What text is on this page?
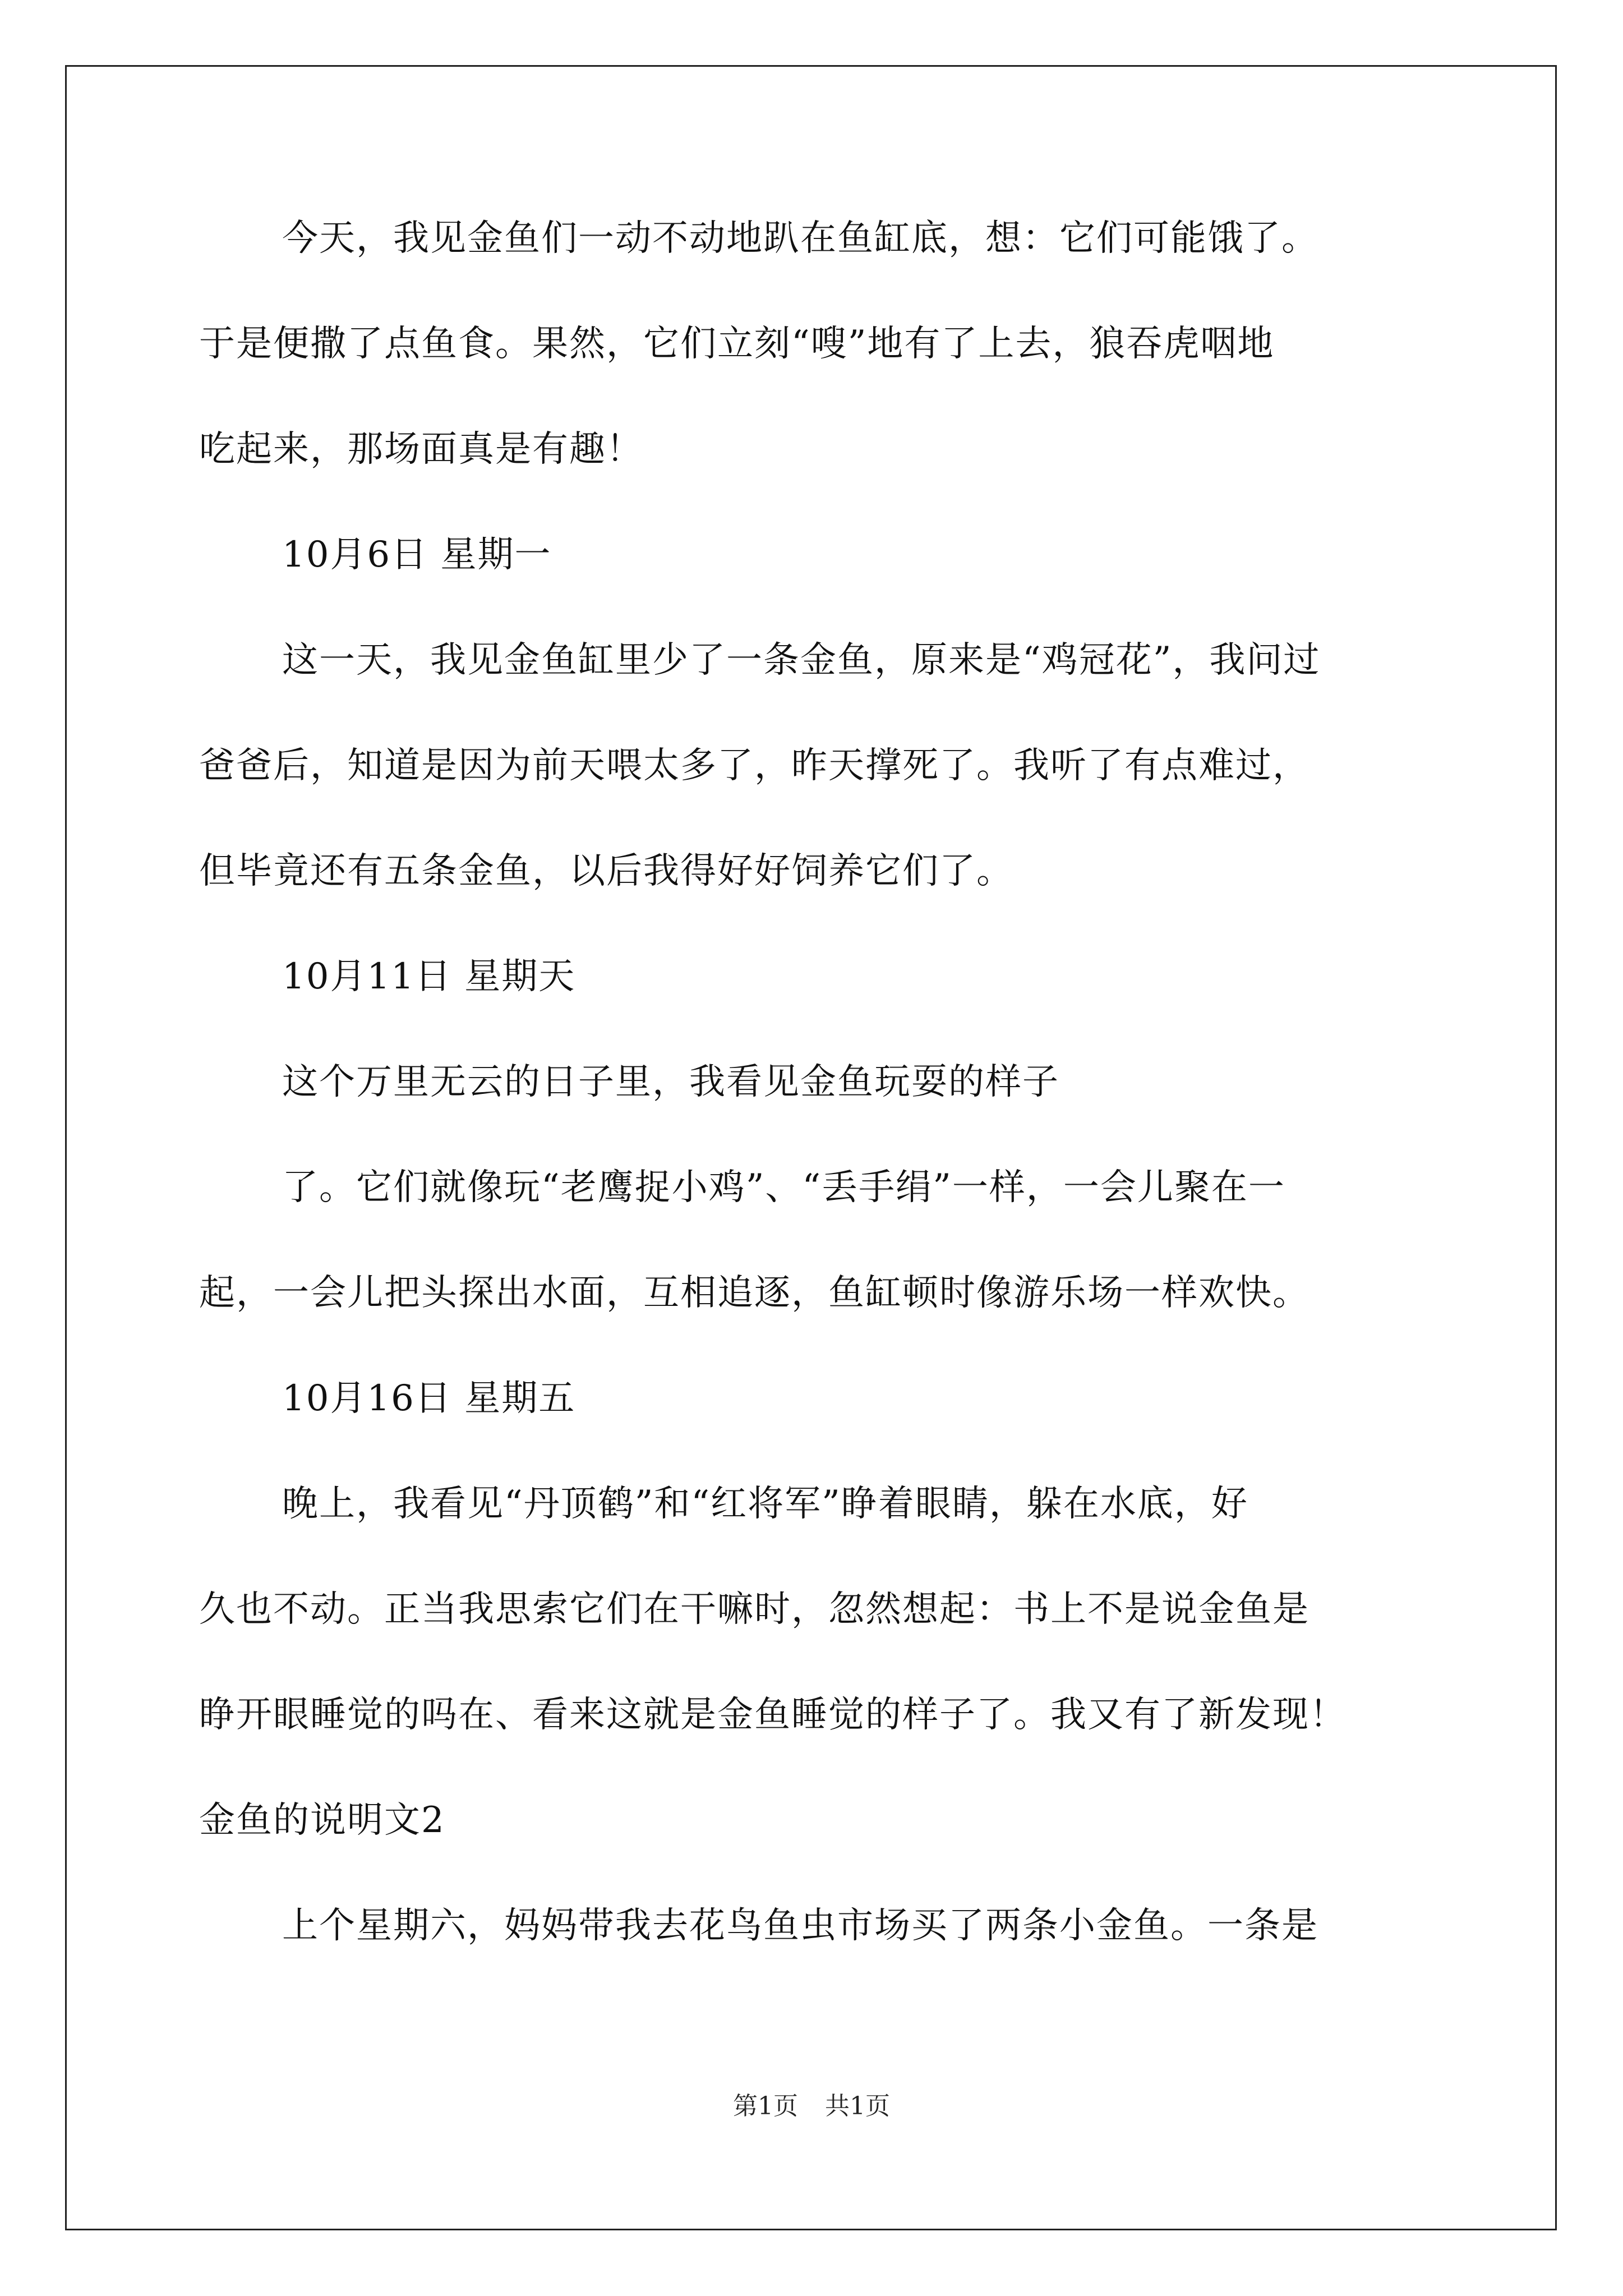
今天，我见金鱼们一动不动地趴在鱼缸底，想：它们可能饿了。
于是便撒了点鱼食。果然，它们立刻“嗖”地有了上去，狼吞虎咽地
吃起来，那场面真是有趣！
10月6日 星期一
这一天，我见金鱼缸里少了一条金鱼，原来是“鸡冠花”，我问过
爸爸后，知道是因为前天喂太多了，昨天撑死了。我听了有点难过，
但毕竟还有五条金鱼，以后我得好好饲养它们了。
10月11日 星期天
这个万里无云的日子里，我看见金鱼玩耍的样子
了。它们就像玩“老鹰捉小鸡”、“丢手绢”一样，一会儿聚在一
起，一会儿把头探出水面，互相追逐，鱼缸顿时像游乐场一样欢快。
10月16日 星期五
晚上，我看见“丹顶鹤”和“红将军”睁着眼睛，躲在水底，好
久也不动。正当我思索它们在干嘛时，忽然想起：书上不是说金鱼是
睁开眼睡觉的吗在、看来这就是金鱼睡觉的样子了。我又有了新发现！
金鱼的说明文2
上个星期六，妈妈带我去花鸟鱼虫市场买了两条小金鱼。一条是
第1页 共1页
